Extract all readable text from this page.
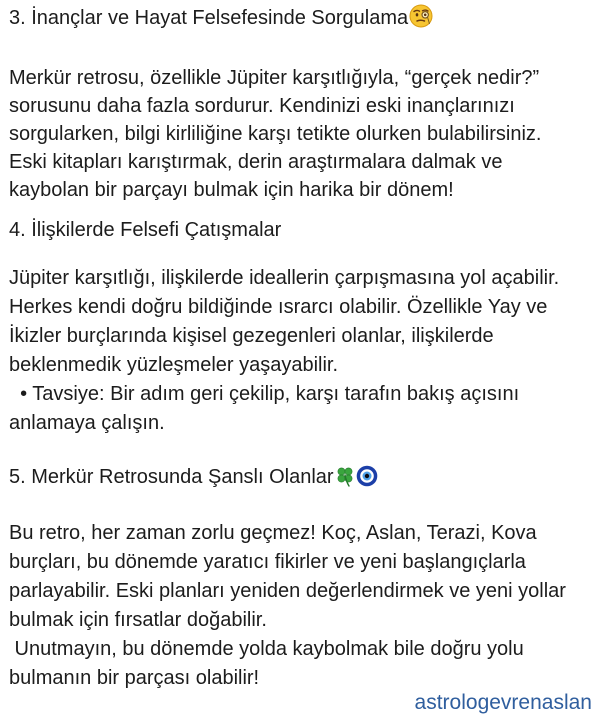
3. İnançlar ve Hayat Felsefesinde Sorgulama
Merkür retrosu, özellikle Jüpiter karşıtlığıyla, “gerçek nedir?”
sorusunu daha fazla sordurur. Kendinizi eski inançlarınızı
sorgularken, bilgi kirliliğine karşı tetikte olurken bulabilirsiniz.
Eski kitapları karıştırmak, derin araştırmalara dalmak ve
kaybolan bir parçayı bulmak için harika bir dönem!
4. İlişkilerde Felsefi Çatışmalar
Jüpiter karşıtlığı, ilişkilerde ideallerin çarpışmasına yol açabilir.
Herkes kendi doğru bildiğinde ısrarcı olabilir. Özellikle Yay ve
İkizler burçlarında kişisel gezegenleri olanlar, ilişkilerde
beklenmedik yüzleşmeler yaşayabilir.
• Tavsiye: Bir adım geri çekilip, karşı tarafın bakış açısını
anlamaya çalışın.
5. Merkür Retrosunda Şanslı Olanlar
Bu retro, her zaman zorlu geçmez! Koç, Aslan, Terazi, Kova
burçları, bu dönemde yaratıcı fikirler ve yeni başlangıçlarla
parlayabilir. Eski planları yeniden değerlendirmek ve yeni yollar
bulmak için fırsatlar doğabilir.
Unutmayın, bu dönemde yolda kaybolmak bile doğru yolu
bulmanın bir parçası olabilir!
astrologevrenaslan
